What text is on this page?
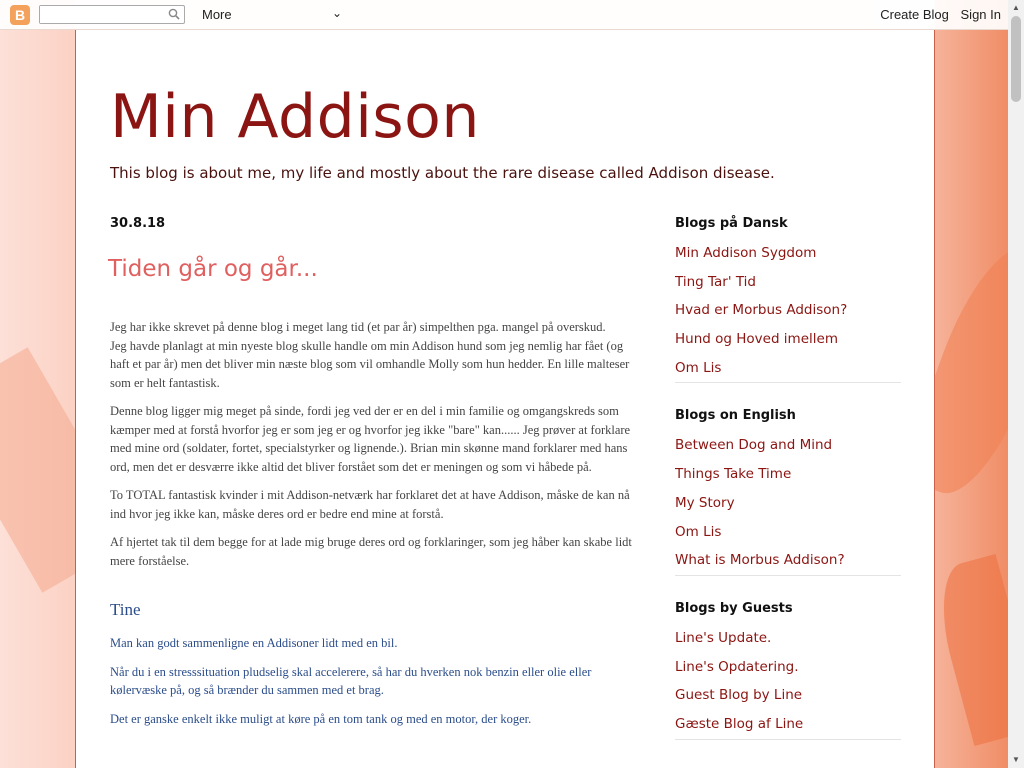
B	More	⌄	Create Blog Sign In	▲
▼
Min Addison
This blog is about me, my life and mostly about the rare disease called Addison disease.
30.8.18
Tiden går og går...

Jeg har ikke skrevet på denne blog i meget lang tid (et par år) simpelthen pga. mangel på overskud.

Jeg havde planlagt at min nyeste blog skulle handle om min Addison hund som jeg nemlig har fået (og haft et par år) men det bliver min næste blog som vil omhandle Molly som hun hedder. En lille malteser som er helt fantastisk.

Denne blog ligger mig meget på sinde, fordi jeg ved der er en del i min familie og omgangskreds som kæmper med at forstå hvorfor jeg er som jeg er og hvorfor jeg ikke "bare" kan...... Jeg prøver at forklare med mine ord (soldater, fortet, specialstyrker og lignende.). Brian min skønne mand forklarer med hans ord, men det er desværre ikke altid det bliver forstået som det er meningen og som vi håbede på.

To TOTAL fantastisk kvinder i mit Addison-netværk har forklaret det at have Addison, måske de kan nå ind hvor jeg ikke kan, måske deres ord er bedre end mine at forstå.

Af hjertet tak til dem begge for at lade mig bruge deres ord og forklaringer, som jeg håber kan skabe lidt mere forståelse.

Tine

Man kan godt sammenligne en Addisoner lidt med en bil.

Når du i en stresssituation pludselig skal accelerere, så har du hverken nok benzin eller olie eller kølervæske på, og så brænder du sammen med et brag.

Det er ganske enkelt ikke muligt at køre på en tom tank og med en motor, der koger.

Blogs på Dansk
Min Addison Sygdom
Ting Tar' Tid
Hvad er Morbus Addison?
Hund og Hoved imellem
Om Lis
Blogs on English
Between Dog and Mind
Things Take Time
My Story
Om Lis
What is Morbus Addison?
Blogs by Guests
Line's Update.
Line's Opdatering.
Guest Blog by Line
Gæste Blog af Line
